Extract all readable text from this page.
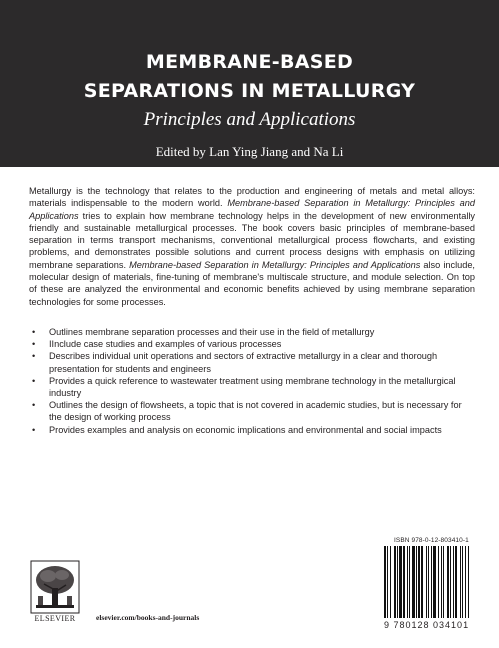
MEMBRANE-BASED
SEPARATIONS IN METALLURGY
Principles and Applications
Edited by Lan Ying Jiang and Na Li

Metallurgy is the technology that relates to the production and engineering of metals and metal alloys: materials indispensable to the modern world. Membrane-based Separation in Metallurgy: Principles and Applications tries to explain how membrane technology helps in the development of new environmentally friendly and sustainable metallurgical processes. The book covers basic principles of membrane-based separation in terms transport mechanisms, conventional metallurgical process flowcharts, and existing problems, and demonstrates possible solutions and current process designs with emphasis on utilizing membrane separations. Membrane-based Separation in Metallurgy: Principles and Applications also include, molecular design of materials, fine-tuning of membrane's multiscale structure, and module selection. On top of these are analyzed the environmental and economic benefits achieved by using membrane separation technologies for some processes.

• Outlines membrane separation processes and their use in the field of metallurgy
• IInclude case studies and examples of various processes
• Describes individual unit operations and sectors of extractive metallurgy in a clear and thorough presentation for students and engineers
• Provides a quick reference to wastewater treatment using membrane technology in the metallurgical industry
• Outlines the design of flowsheets, a topic that is not covered in academic studies, but is necessary for the design of working process
• Provides examples and analysis on economic implications and environmental and social impacts
ELSEVIER	elsevier.com/books-and-journals
ISBN 978-0-12-803410-1
9 780128 034101
